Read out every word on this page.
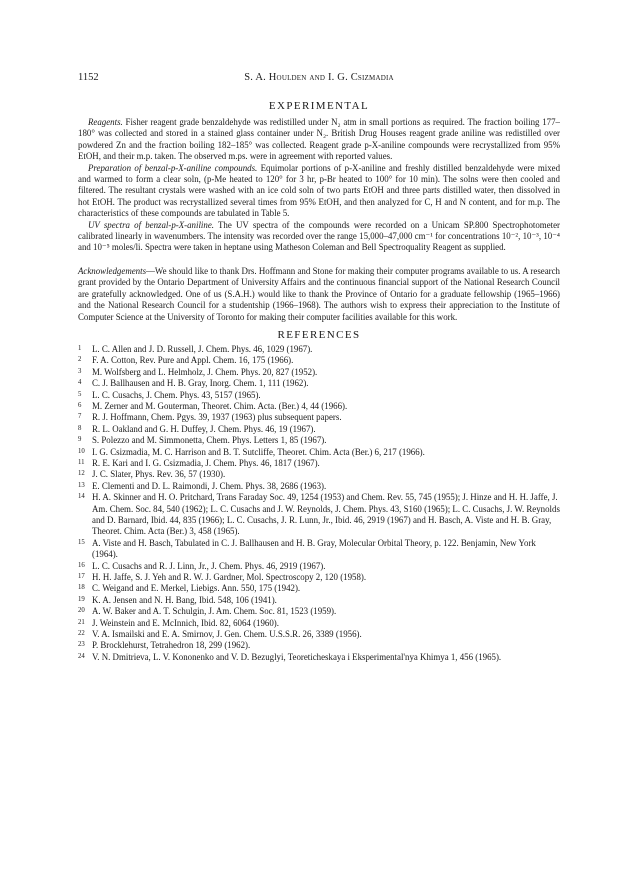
1152	S. A. Houlden and I. G. Csizmadia
EXPERIMENTAL

Reagents. Fisher reagent grade benzaldehyde was redistilled under N₂ atm in small portions as required. The fraction boiling 177–180° was collected and stored in a stained glass container under N₂. British Drug Houses reagent grade aniline was redistilled over powdered Zn and the fraction boiling 182–185° was collected. Reagent grade p-X-aniline compounds were recrystallized from 95% EtOH, and their m.p. taken. The observed m.ps. were in agreement with reported values.

Preparation of benzal-p-X-aniline compounds. Equimolar portions of p-X-aniline and freshly distilled benzaldehyde were mixed and warmed to form a clear soln, (p-Me heated to 120° for 3 hr, p-Br heated to 100° for 10 min). The solns were then cooled and filtered. The resultant crystals were washed with an ice cold soln of two parts EtOH and three parts distilled water, then dissolved in hot EtOH. The product was recrystallized several times from 95% EtOH, and then analyzed for C, H and N content, and for m.p. The characteristics of these compounds are tabulated in Table 5.

UV spectra of benzal-p-X-aniline. The UV spectra of the compounds were recorded on a Unicam SP.800 Spectrophotometer calibrated linearly in wavenumbers. The intensity was recorded over the range 15,000–47,000 cm⁻¹ for concentrations 10⁻², 10⁻³, 10⁻⁴ and 10⁻⁵ moles/li. Spectra were taken in heptane using Matheson Coleman and Bell Spectroquality Reagent as supplied.

Acknowledgements—We should like to thank Drs. Hoffmann and Stone for making their computer programs available to us. A research grant provided by the Ontario Department of University Affairs and the continuous financial support of the National Research Council are gratefully acknowledged. One of us (S.A.H.) would like to thank the Province of Ontario for a graduate fellowship (1965–1966) and the National Research Council for a studentship (1966–1968). The authors wish to express their appreciation to the Institute of Computer Science at the University of Toronto for making their computer facilities available for this work.

REFERENCES
1 L. C. Allen and J. D. Russell, J. Chem. Phys. 46, 1029 (1967).
2 F. A. Cotton, Rev. Pure and Appl. Chem. 16, 175 (1966).
3 M. Wolfsberg and L. Helmholz, J. Chem. Phys. 20, 827 (1952).
4 C. J. Ballhausen and H. B. Gray, Inorg. Chem. 1, 111 (1962).
5 L. C. Cusachs, J. Chem. Phys. 43, 5157 (1965).
6 M. Zerner and M. Gouterman, Theoret. Chim. Acta. (Ber.) 4, 44 (1966).
7 R. J. Hoffmann, Chem. Pgys. 39, 1937 (1963) plus subsequent papers.
8 R. L. Oakland and G. H. Duffey, J. Chem. Phys. 46, 19 (1967).
9 S. Polezzo and M. Simmonetta, Chem. Phys. Letters 1, 85 (1967).
10 I. G. Csizmadia, M. C. Harrison and B. T. Sutcliffe, Theoret. Chim. Acta (Ber.) 6, 217 (1966).
11 R. E. Kari and I. G. Csizmadia, J. Chem. Phys. 46, 1817 (1967).
12 J. C. Slater, Phys. Rev. 36, 57 (1930).
13 E. Clementi and D. L. Raimondi, J. Chem. Phys. 38, 2686 (1963).
14 H. A. Skinner and H. O. Pritchard, Trans Faraday Soc. 49, 1254 (1953) and Chem. Rev. 55, 745 (1955); J. Hinze and H. H. Jaffe, J. Am. Chem. Soc. 84, 540 (1962); L. C. Cusachs and J. W. Reynolds, J. Chem. Phys. 43, S160 (1965); L. C. Cusachs, J. W. Reynolds and D. Barnard, Ibid. 44, 835 (1966); L. C. Cusachs, J. R. Lunn, Jr., Ibid. 46, 2919 (1967) and H. Basch, A. Viste and H. B. Gray, Theoret. Chim. Acta (Ber.) 3, 458 (1965).
15 A. Viste and H. Basch, Tabulated in C. J. Ballhausen and H. B. Gray, Molecular Orbital Theory, p. 122. Benjamin, New York (1964).
16 L. C. Cusachs and R. J. Linn, Jr., J. Chem. Phys. 46, 2919 (1967).
17 H. H. Jaffe, S. J. Yeh and R. W. J. Gardner, Mol. Spectroscopy 2, 120 (1958).
18 C. Weigand and E. Merkel, Liebigs. Ann. 550, 175 (1942).
19 K. A. Jensen and N. H. Bang, Ibid. 548, 106 (1941).
20 A. W. Baker and A. T. Schulgin, J. Am. Chem. Soc. 81, 1523 (1959).
21 J. Weinstein and E. McInnich, Ibid. 82, 6064 (1960).
22 V. A. Ismailski and E. A. Smirnov, J. Gen. Chem. U.S.S.R. 26, 3389 (1956).
23 P. Brocklehurst, Tetrahedron 18, 299 (1962).
24 V. N. Dmitrieva, L. V. Kononenko and V. D. Bezuglyi, Teoreticheskaya i Eksperimental'nya Khimya 1, 456 (1965).
